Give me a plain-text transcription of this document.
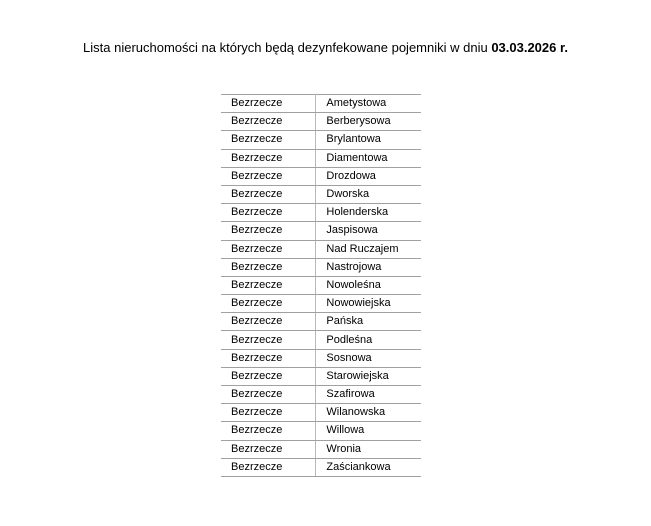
Lista nieruchomości na których będą dezynfekowane pojemniki w dniu 03.03.2026 r.
Bezrzecze	Ametystowa
Bezrzecze	Berberysowa
Bezrzecze	Brylantowa
Bezrzecze	Diamentowa
Bezrzecze	Drozdowa
Bezrzecze	Dworska
Bezrzecze	Holenderska
Bezrzecze	Jaspisowa
Bezrzecze	Nad Ruczajem
Bezrzecze	Nastrojowa
Bezrzecze	Nowoleśna
Bezrzecze	Nowowiejska
Bezrzecze	Pańska
Bezrzecze	Podleśna
Bezrzecze	Sosnowa
Bezrzecze	Starowiejska
Bezrzecze	Szafirowa
Bezrzecze	Wilanowska
Bezrzecze	Willowa
Bezrzecze	Wronia
Bezrzecze	Zaściankowa
